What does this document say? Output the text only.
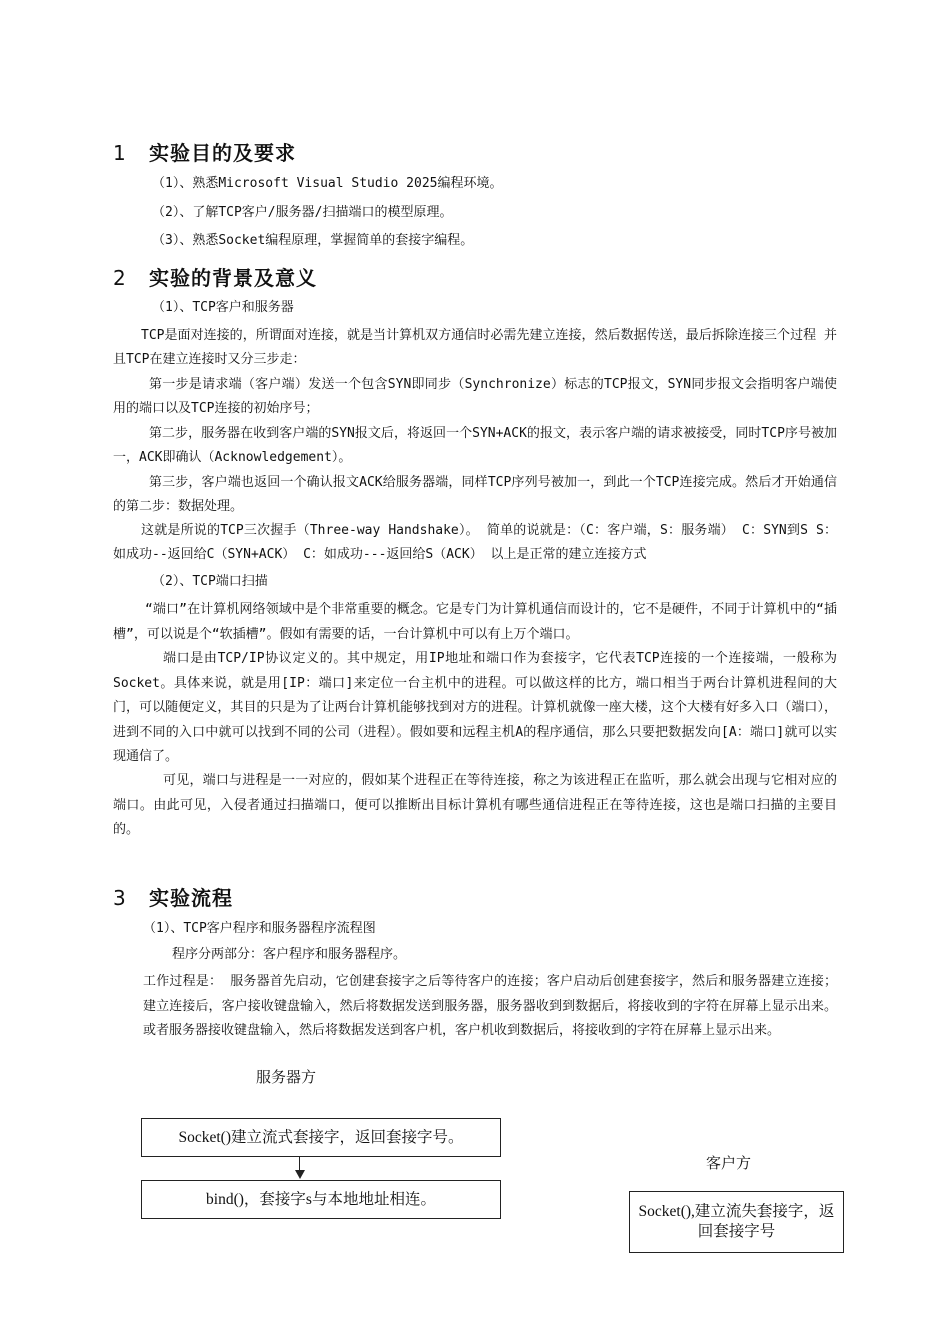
1 实验目的及要求
（1）、熟悉Microsoft Visual Studio 2025编程环境。
（2）、了解TCP客户/服务器/扫描端口的模型原理。
（3）、熟悉Socket编程原理，掌握简单的套接字编程。
2 实验的背景及意义
（1）、TCP客户和服务器
TCP是面对连接的，所谓面对连接，就是当计算机双方通信时必需先建立连接，然后数据传送，最后拆除连接三个过程 并且TCP在建立连接时又分三步走：
第一步是请求端（客户端）发送一个包含SYN即同步（Synchronize）标志的TCP报文，SYN同步报文会指明客户端使用的端口以及TCP连接的初始序号；
第二步，服务器在收到客户端的SYN报文后，将返回一个SYN+ACK的报文，表示客户端的请求被接受，同时TCP序号被加一，ACK即确认（Acknowledgement）。
第三步，客户端也返回一个确认报文ACK给服务器端，同样TCP序列号被加一，到此一个TCP连接完成。然后才开始通信的第二步：数据处理。
这就是所说的TCP三次握手（Three-way Handshake）。 简单的说就是：（C：客户端，S：服务端） C：SYN到S S：如成功--返回给C（SYN+ACK） C：如成功---返回给S（ACK） 以上是正常的建立连接方式
（2）、TCP端口扫描
“端口”在计算机网络领域中是个非常重要的概念。它是专门为计算机通信而设计的，它不是硬件，不同于计算机中的“插槽”，可以说是个“软插槽”。假如有需要的话，一台计算机中可以有上万个端口。
端口是由TCP/IP协议定义的。其中规定，用IP地址和端口作为套接字，它代表TCP连接的一个连接端，一般称为Socket。具体来说，就是用[IP：端口]来定位一台主机中的进程。可以做这样的比方，端口相当于两台计算机进程间的大门，可以随便定义，其目的只是为了让两台计算机能够找到对方的进程。计算机就像一座大楼，这个大楼有好多入口（端口），进到不同的入口中就可以找到不同的公司（进程）。假如要和远程主机A的程序通信，那么只要把数据发向[A：端口]就可以实现通信了。
可见，端口与进程是一一对应的，假如某个进程正在等待连接，称之为该进程正在监听，那么就会出现与它相对应的端口。由此可见，入侵者通过扫描端口，便可以推断出目标计算机有哪些通信进程正在等待连接，这也是端口扫描的主要目的。
3 实验流程
（1）、TCP客户程序和服务器程序流程图
程序分两部分：客户程序和服务器程序。
工作过程是： 服务器首先启动，它创建套接字之后等待客户的连接；客户启动后创建套接字，然后和服务器建立连接；建立连接后，客户接收键盘输入，然后将数据发送到服务器，服务器收到到数据后，将接收到的字符在屏幕上显示出来。或者服务器接收键盘输入，然后将数据发送到客户机，客户机收到数据后，将接收到的字符在屏幕上显示出来。
服务器方
客户方
Socket()建立流式套接字，返回套接字号。
bind()，套接字s与本地地址相连。
Socket(),建立流失套接字，返回套接字号
